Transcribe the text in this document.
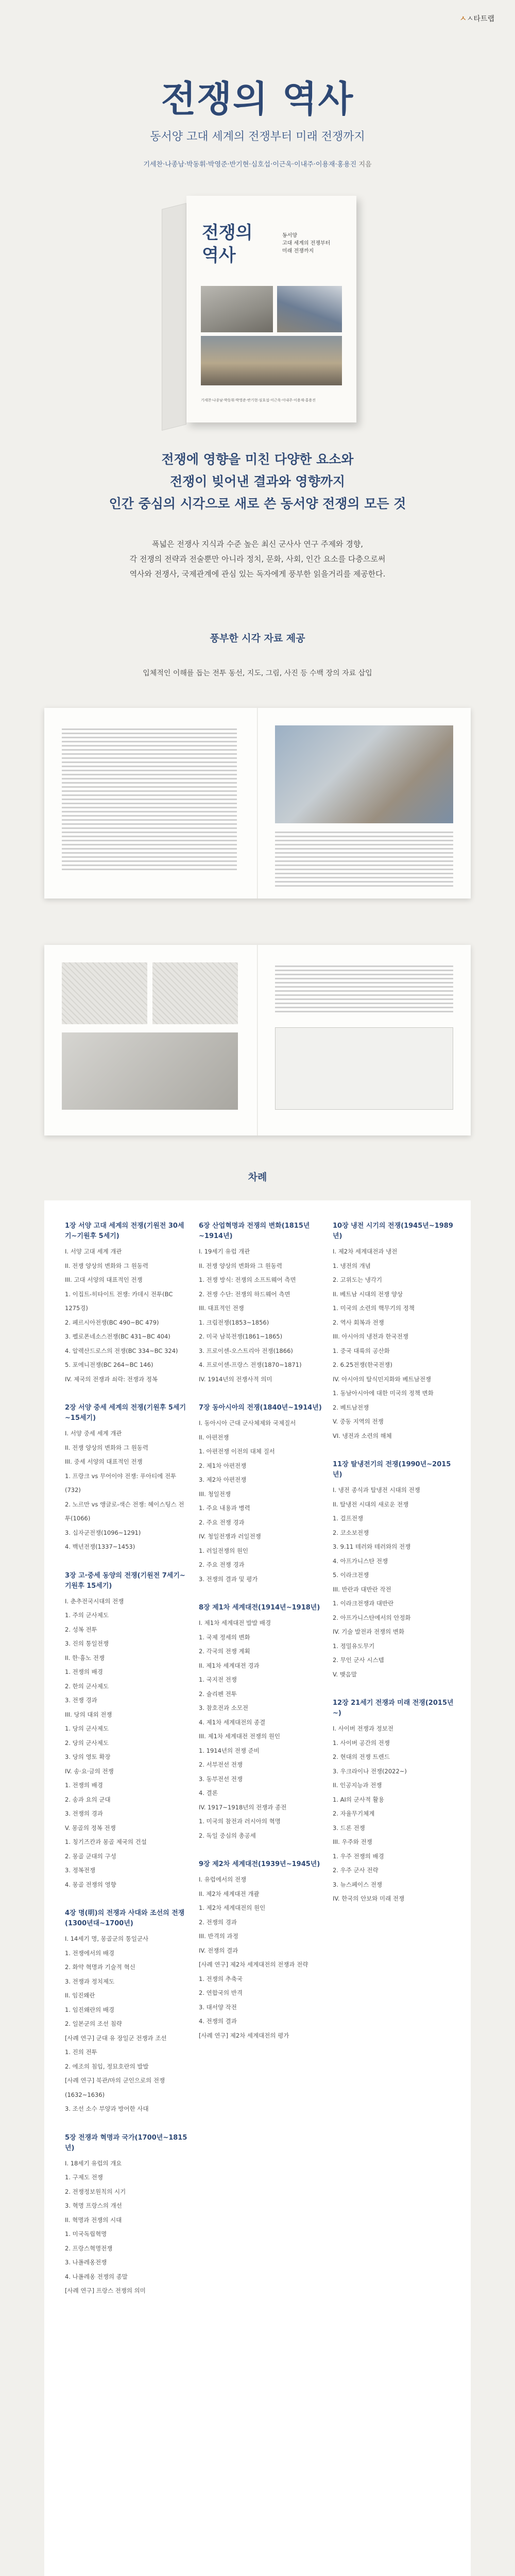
ㅅㅅ타트랩
전쟁의 역사
동서양 고대 세계의 전쟁부터 미래 전쟁까지
기세찬·나종남·박동휘·박영준·반기현·심호섭·이근욱·이내주·이용재·홍용진 지음
전쟁의
역사
동서양
고대 세계의 전쟁부터
미래 전쟁까지
기세찬·나종남·박동휘·박영준·반기현·심호섭·이근욱·이내주·이용재·홍용진
전쟁에 영향을 미친 다양한 요소와
전쟁이 빚어낸 결과와 영향까지
인간 중심의 시각으로 새로 쓴 동서양 전쟁의 모든 것
폭넓은 전쟁사 지식과 수준 높은 최신 군사사 연구 주제와 경향,
각 전쟁의 전략과 전술뿐만 아니라 정치, 문화, 사회, 인간 요소를 다층으로써
역사와 전쟁사, 국제관계에 관심 있는 독자에게 풍부한 읽을거리를 제공한다.
풍부한 시각 자료 제공
입체적인 이해를 돕는 전투 동선, 지도, 그림, 사진 등 수백 장의 자료 삽입
차례
1장 서양 고대 세계의 전쟁(기원전 30세기~기원후 5세기)
I. 서양 고대 세계 개관
II. 전쟁 양상의 변화와 그 원동력
III. 고대 서양의 대표적인 전쟁
1. 이집트-히타이트 전쟁: 카데시 전투(BC 1275경)
2. 페르시아전쟁(BC 490~BC 479)
3. 펠로폰네소스전쟁(BC 431~BC 404)
4. 알렉산드로스의 전쟁(BC 334~BC 324)
5. 포에니전쟁(BC 264~BC 146)
IV. 제국의 전쟁과 쇠락: 전쟁과 정복
2장 서양 중세 세계의 전쟁(기원후 5세기~15세기)
I. 서양 중세 세계 개관
II. 전쟁 양상의 변화와 그 원동력
III. 중세 서양의 대표적인 전쟁
1. 프랑크 vs 무어이야 전쟁: 푸아티에 전투(732)
2. 노르만 vs 앵글로-색슨 전쟁: 헤이스팅스 전투(1066)
3. 십자군전쟁(1096~1291)
4. 백년전쟁(1337~1453)
3장 고·중세 동양의 전쟁(기원전 7세기~기원후 15세기)
I. 춘추전국시대의 전쟁
1. 주의 군사제도
2. 성복 전투
3. 진의 통일전쟁
II. 한·흉노 전쟁
1. 전쟁의 배경
2. 한의 군사제도
3. 전쟁 경과
III. 당의 대외 전쟁
1. 당의 군사제도
2. 당의 군사제도
3. 당의 영토 확장
IV. 송·요·금의 전쟁
1. 전쟁의 배경
2. 송과 요의 군대
3. 전쟁의 경과
V. 몽골의 정복 전쟁
1. 칭기즈칸과 몽골 제국의 건설
2. 몽골 군대의 구성
3. 정복전쟁
4. 몽골 전쟁의 영향
4장 명(明)의 전쟁과 사대와 조선의 전쟁(1300년대~1700년)
I. 14세기 명, 몽골군의 통일군사
1. 전쟁에서의 배경
2. 화약 혁명과 기술적 혁신
3. 전쟁과 정치제도
II. 임진왜란
1. 임진왜란의 배경
2. 일본군의 조선 침략
[사례 연구] 군대 유 장일군 전쟁과 조선
1. 진의 전투
2. 에조의 침입, 정묘호란의 발발
[사례 연구] 북관/마의 군인으로의 전쟁(1632~1636)
3. 조선 소수 부양과 방어한 사대
5장 전쟁과 혁명과 국가(1700년~1815년)
I. 18세기 유럽의 개요
1. 구제도 전쟁
2. 전쟁정보원칙의 시기
3. 혁명 프랑스의 개선
II. 혁명과 전쟁의 시대
1. 미국독립혁명
2. 프랑스혁명전쟁
3. 나폴레옹전쟁
4. 나폴레옹 전쟁의 종말
[사례 연구] 프랑스 전쟁의 의미
6장 산업혁명과 전쟁의 변화(1815년~1914년)
I. 19세기 유럽 개관
II. 전쟁 양상의 변화와 그 원동력
1. 전쟁 방식: 전쟁의 소프트웨어 측면
2. 전쟁 수단: 전쟁의 하드웨어 측면
III. 대표적인 전쟁
1. 크림전쟁(1853~1856)
2. 미국 남북전쟁(1861~1865)
3. 프로이센-오스트리아 전쟁(1866)
4. 프로이센-프랑스 전쟁(1870~1871)
IV. 1914년의 전쟁사적 의미
7장 동아시아의 전쟁(1840년~1914년)
I. 동아시아 근대 군사체제와 국제질서
II. 아편전쟁
1. 아편전쟁 이전의 대체 질서
2. 제1차 아편전쟁
3. 제2차 아편전쟁
III. 청일전쟁
1. 주요 내용과 병력
2. 주요 전쟁 경과
IV. 청일전쟁과 러일전쟁
1. 러일전쟁의 원인
2. 주요 전쟁 경과
3. 전쟁의 결과 및 평가
8장 제1차 세계대전(1914년~1918년)
I. 제1차 세계대전 발발 배경
1. 국제 정세의 변화
2. 각국의 전쟁 계획
II. 제1차 세계대전 경과
1. 국지전 전쟁
2. 슐리펜 전투
3. 참호전과 소모전
4. 제1차 세계대전의 종결
III. 제1차 세계대전 전쟁의 원인
1. 1914년의 전쟁 준비
2. 서부전선 전쟁
3. 동부전선 전쟁
4. 결론
IV. 1917~1918년의 전쟁과 종전
1. 미국의 참전과 러시아의 혁명
2. 독일 중심의 총공세
9장 제2차 세계대전(1939년~1945년)
I. 유럽에서의 전쟁
II. 제2차 세계대전 개괄
1. 제2차 세계대전의 원인
2. 전쟁의 경과
III. 반격의 과정
IV. 전쟁의 결과
[사례 연구] 제2차 세계대전의 전쟁과 전략
1. 전쟁의 추축국
2. 연합국의 반격
3. 대서양 작전
4. 전쟁의 결과
[사례 연구] 제2차 세계대전의 평가
10장 냉전 시기의 전쟁(1945년~1989년)
I. 제2차 세계대전과 냉전
1. 냉전의 개념
2. 고위도는 냉각기
II. 베트남 시대의 전쟁 양상
1. 미국의 소련의 핵무기의 정책
2. 역사 회복과 전쟁
III. 아시아의 냉전과 한국전쟁
1. 중국 대륙의 공산화
2. 6.25전쟁(한국전쟁)
IV. 아시아의 탈식민지화와 베트남전쟁
1. 동남아시아에 대한 미국의 정책 변화
2. 베트남전쟁
V. 중동 지역의 전쟁
VI. 냉전과 소련의 해체
11장 탈냉전기의 전쟁(1990년~2015년)
I. 냉전 종식과 탈냉전 시대의 전쟁
II. 탈냉전 시대의 새로운 전쟁
1. 걸프전쟁
2. 코소보전쟁
3. 9.11 테러와 테러와의 전쟁
4. 아프가니스탄 전쟁
5. 이라크전쟁
III. 반란과 대반란 작전
1. 이라크전쟁과 대반란
2. 아프가니스탄에서의 안정화
IV. 기술 발전과 전쟁의 변화
1. 정밀유도무기
2. 무인 군사 시스템
V. 맺음말
12장 21세기 전쟁과 미래 전쟁(2015년~)
I. 사이버 전쟁과 정보전
1. 사이버 공간의 전쟁
2. 현대의 전쟁 트렌드
3. 우크라이나 전쟁(2022~)
II. 인공지능과 전쟁
1. AI의 군사적 활용
2. 자율무기체계
3. 드론 전쟁
III. 우주와 전쟁
1. 우주 전쟁의 배경
2. 우주 군사 전략
3. 뉴스페이스 전쟁
IV. 한국의 안보와 미래 전쟁
